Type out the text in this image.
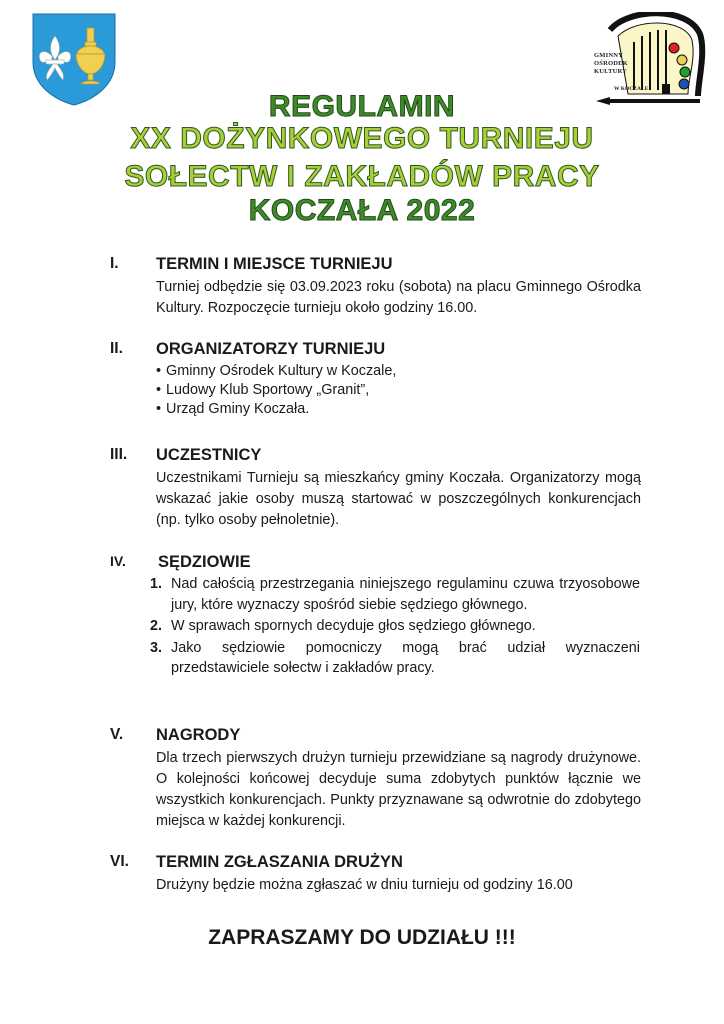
GMINNY
OŚRODEK
KULTURY
W KOCZALE
REGULAMIN
XX DOŻYNKOWEGO TURNIEJU
SOŁECTW I ZAKŁADÓW PRACY
KOCZAŁA 2022
I. TERMIN I MIEJSCE TURNIEJU

Turniej odbędzie się 03.09.2023 roku (sobota) na placu Gminnego Ośrodka Kultury. Rozpoczęcie turnieju około godziny 16.00.

II. ORGANIZATORZY TURNIEJU
• Gminny Ośrodek Kultury w Koczale,
• Ludowy Klub Sportowy „Granit”,
• Urząd Gminy Koczała.
III. UCZESTNICY

Uczestnikami Turnieju są mieszkańcy gminy Koczała. Organizatorzy mogą wskazać jakie osoby muszą startować w poszczególnych konkurencjach (np. tylko osoby pełnoletnie).

IV. SĘDZIOWIE
1. Nad całością przestrzegania niniejszego regulaminu czuwa trzyosobowe jury, które wyznaczy spośród siebie sędziego głównego.
2. W sprawach spornych decyduje głos sędziego głównego.
3. Jako sędziowie pomocniczy mogą brać udział wyznaczeni przedstawiciele sołectw i zakładów pracy.
V. NAGRODY

Dla trzech pierwszych drużyn turnieju przewidziane są nagrody drużynowe. O kolejności końcowej decyduje suma zdobytych punktów łącznie we wszystkich konkurencjach. Punkty przyznawane są odwrotnie do zdobytego miejsca w każdej konkurencji.

VI. TERMIN ZGŁASZANIA DRUŻYN

Drużyny będzie można zgłaszać w dniu turnieju od godziny 16.00

ZAPRASZAMY DO UDZIAŁU !!!
